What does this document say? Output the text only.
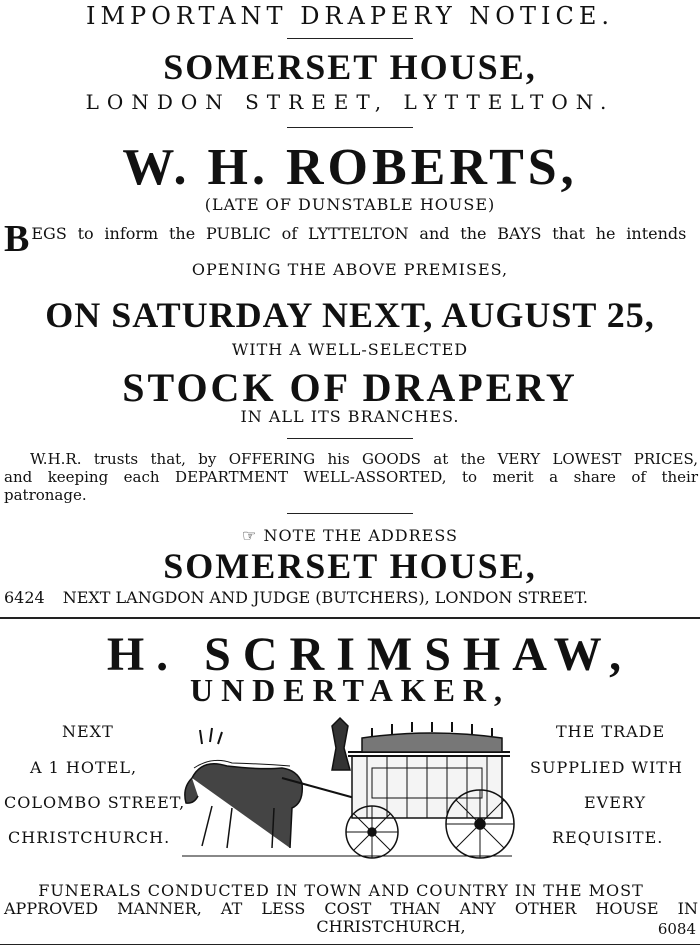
IMPORTANT DRAPERY NOTICE.
SOMERSET HOUSE,
LONDON STREET, LYTTELTON.
W. H. ROBERTS,
(LATE OF DUNSTABLE HOUSE)
B EGS to inform the PUBLIC of LYTTELTON and the BAYS that he intends
OPENING THE ABOVE PREMISES,
ON SATURDAY NEXT, AUGUST 25,
WITH A WELL-SELECTED
STOCK OF DRAPERY
IN ALL ITS BRANCHES.
W.H.R. trusts that, by OFFERING his GOODS at the VERY LOWEST PRICES,
and keeping each DEPARTMENT WELL-ASSORTED, to merit a share of their
patronage.
☞ NOTE THE ADDRESS
SOMERSET HOUSE,
6424 NEXT LANGDON AND JUDGE (BUTCHERS), LONDON STREET.
H. SCRIMSHAW,
UNDERTAKER,
NEXT
A 1 HOTEL,
COLOMBO STREET,
CHRISTCHURCH.
THE TRADE
SUPPLIED WITH
EVERY
REQUISITE.
FUNERALS CONDUCTED IN TOWN AND COUNTRY IN THE MOST
APPROVED MANNER, AT LESS COST THAN ANY OTHER HOUSE IN
CHRISTCHURCH,	6084
